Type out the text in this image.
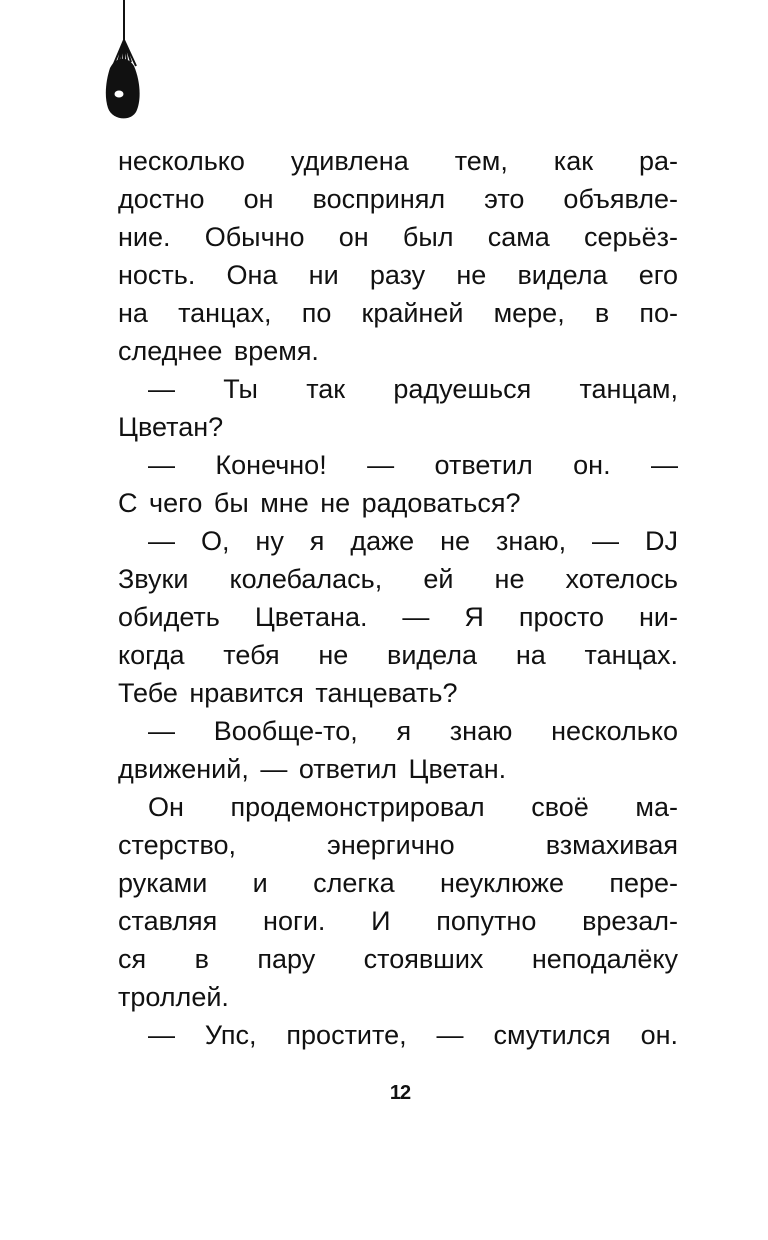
несколько удивлена тем, как ра-
достно он воспринял это объявле-
ние. Обычно он был сама серьёз-
ность. Она ни разу не видела его
на танцах, по крайней мере, в по-
следнее время.
— Ты так радуешься танцам,
Цветан?
— Конечно! — ответил он. —
С чего бы мне не радоваться?
— О, ну я даже не знаю, — DJ
Звуки колебалась, ей не хотелось
обидеть Цветана. — Я просто ни-
когда тебя не видела на танцах.
Тебе нравится танцевать?
— Вообще-то, я знаю несколько
движений, — ответил Цветан.
Он продемонстрировал своё ма-
стерство, энергично взмахивая
руками и слегка неуклюже пере-
ставляя ноги. И попутно врезал-
ся в пару стоявших неподалёку
троллей.
— Упс, простите, — смутился он.
12
